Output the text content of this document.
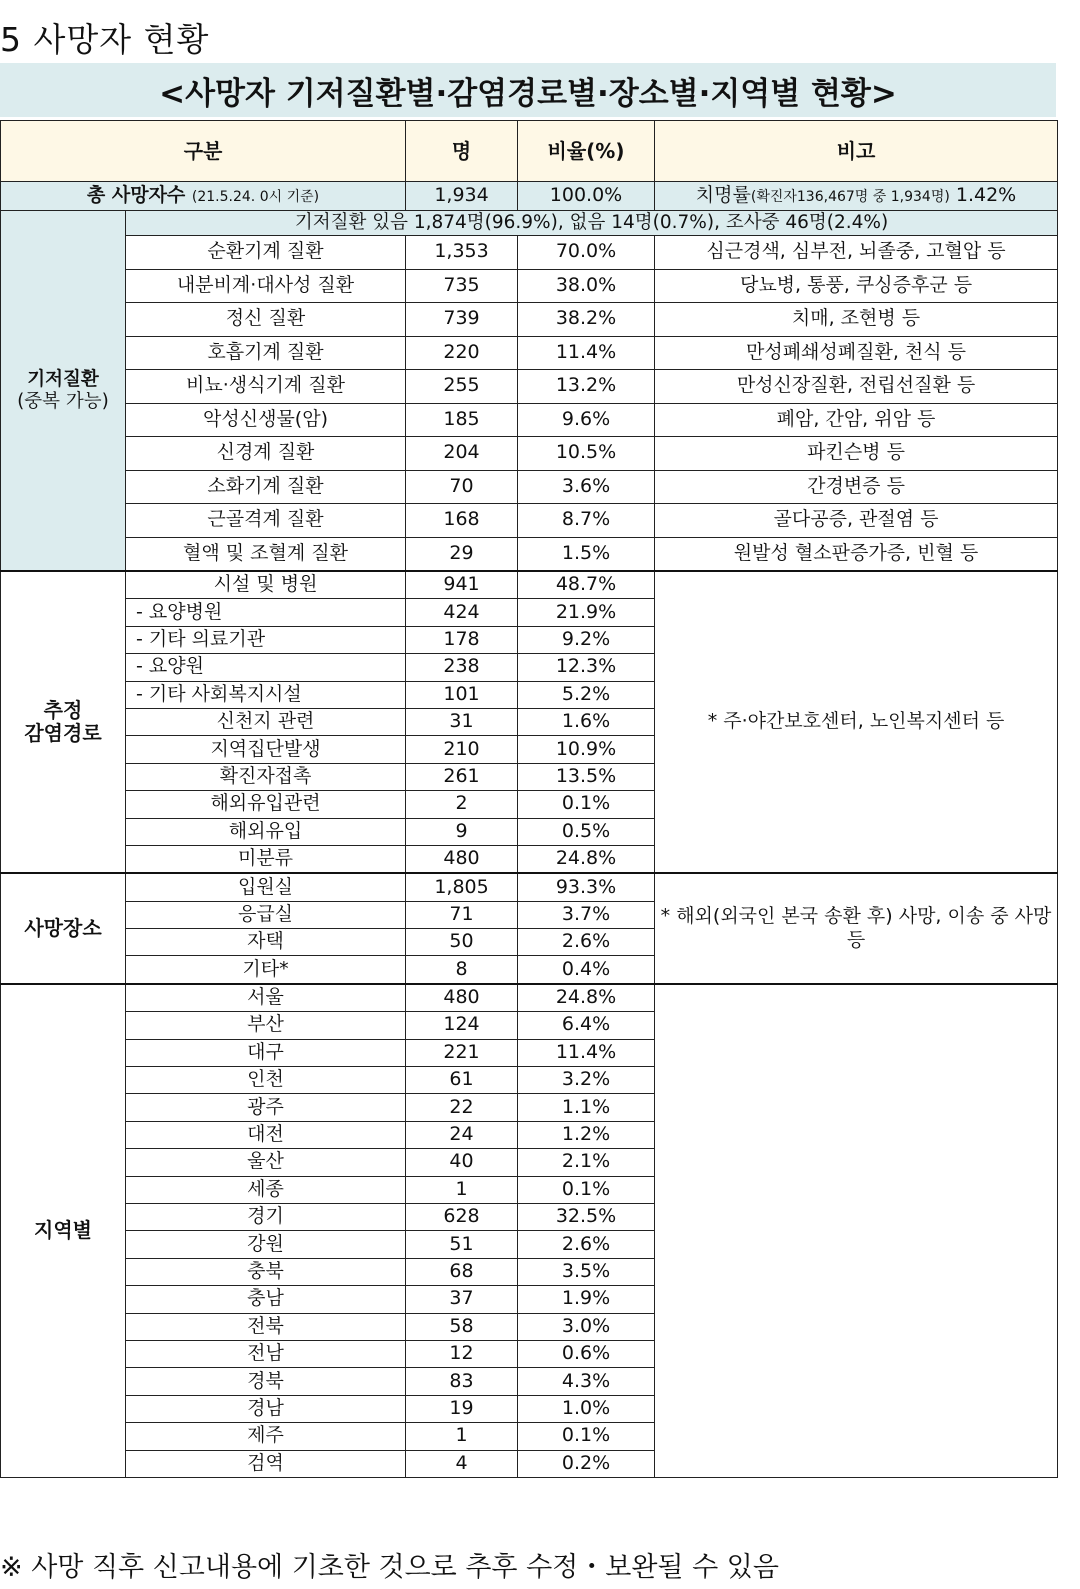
5 사망자 현황
<사망자 기저질환별·감염경로별·장소별·지역별 현황>
구분		명	비율(%)	비고
총 사망자수 (21.5.24. 0시 기준)		1,934	100.0%	치명률(확진자136,467명 중 1,934명) 1.42%

기저질환
(중복 가능)	기저질환 있음 1,874명(96.9%), 없음 14명(0.7%), 조사중 46명(2.4%)			
	순환기계 질환	1,353	70.0%	심근경색, 심부전, 뇌졸중, 고혈압 등
	내분비계·대사성 질환	735	38.0%	당뇨병, 통풍, 쿠싱증후군 등
	정신 질환	739	38.2%	치매, 조현병 등
	호흡기계 질환	220	11.4%	만성폐쇄성폐질환, 천식 등
	비뇨·생식기계 질환	255	13.2%	만성신장질환, 전립선질환 등
	악성신생물(암)	185	9.6%	폐암, 간암, 위암 등
	신경계 질환	204	10.5%	파킨슨병 등
	소화기계 질환	70	3.6%	간경변증 등
	근골격계 질환	168	8.7%	골다공증, 관절염 등
	혈액 및 조혈계 질환	29	1.5%	원발성 혈소판증가증, 빈혈 등

추정
감염경로	시설 및 병원	941	48.7%	* 주·야간보호센터, 노인복지센터 등
	- 요양병원	424	21.9%	
	- 기타 의료기관	178	9.2%	
	- 요양원	238	12.3%	
	- 기타 사회복지시설	101	5.2%	
	신천지 관련	31	1.6%	
	지역집단발생	210	10.9%	
	확진자접촉	261	13.5%	
	해외유입관련	2	0.1%	
	해외유입	9	0.5%	
	미분류	480	24.8%	
사망장소	입원실	1,805	93.3%	* 해외(외국인 본국 송환 후) 사망, 이송 중 사망 등
	응급실	71	3.7%	
	자택	50	2.6%	
	기타*	8	0.4%	
지역별	서울	480	24.8%	
	부산	124	6.4%	
	대구	221	11.4%	
	인천	61	3.2%	
	광주	22	1.1%	
	대전	24	1.2%	
	울산	40	2.1%	
	세종	1	0.1%	
	경기	628	32.5%	
	강원	51	2.6%	
	충북	68	3.5%	
	충남	37	1.9%	
	전북	58	3.0%	
	전남	12	0.6%	
	경북	83	4.3%	
	경남	19	1.0%	
	제주	1	0.1%	
	검역	4	0.2%	
※ 사망 직후 신고내용에 기초한 것으로 추후 수정・보완될 수 있음
